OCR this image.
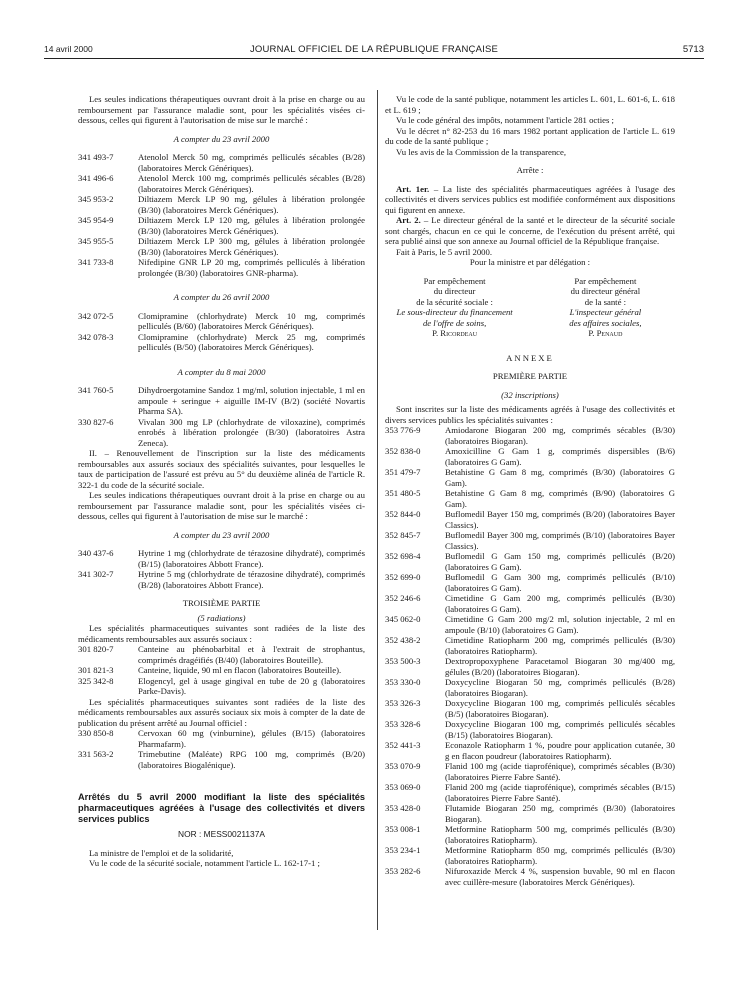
14 avril 2000	JOURNAL OFFICIEL DE LA RÉPUBLIQUE FRANÇAISE	5713

Les seules indications thérapeutiques ouvrant droit à la prise en charge ou au remboursement par l'assurance maladie sont, pour les spécialités visées ci-dessous, celles qui figurent à l'autorisation de mise sur le marché :

A compter du 23 avril 2000

341 493-7	Atenolol Merck 50 mg, comprimés pelliculés sécables (B/28) (laboratoires Merck Génériques).
341 496-6	Atenolol Merck 100 mg, comprimés pelliculés sécables (B/28) (laboratoires Merck Génériques).
345 953-2	Diltiazem Merck LP 90 mg, gélules à libération prolongée (B/30) (laboratoires Merck Génériques).
345 954-9	Diltiazem Merck LP 120 mg, gélules à libération prolongée (B/30) (laboratoires Merck Génériques).
345 955-5	Diltiazem Merck LP 300 mg, gélules à libération prolongée (B/30) (laboratoires Merck Génériques).
341 733-8	Nifedipine GNR LP 20 mg, comprimés pelliculés à libération prolongée (B/30) (laboratoires GNR-pharma).

A compter du 26 avril 2000

342 072-5	Clomipramine (chlorhydrate) Merck 10 mg, comprimés pelliculés (B/60) (laboratoires Merck Génériques).
342 078-3	Clomipramine (chlorhydrate) Merck 25 mg, comprimés pelliculés (B/50) (laboratoires Merck Génériques).

A compter du 8 mai 2000

341 760-5	Dihydroergotamine Sandoz 1 mg/ml, solution injectable, 1 ml en ampoule + seringue + aiguille IM-IV (B/2) (société Novartis Pharma SA).
330 827-6	Vivalan 300 mg LP (chlorhydrate de viloxazine), comprimés enrobés à libération prolongée (B/30) (laboratoires Astra Zeneca).

II. – Renouvellement de l'inscription sur la liste des médicaments remboursables aux assurés sociaux des spécialités suivantes, pour lesquelles le taux de participation de l'assuré est prévu au 5° du deuxième alinéa de l'article R. 322-1 du code de la sécurité sociale.

Les seules indications thérapeutiques ouvrant droit à la prise en charge ou au remboursement par l'assurance maladie sont, pour les spécialités visées ci-dessous, celles qui figurent à l'autorisation de mise sur le marché :

A compter du 23 avril 2000

340 437-6	Hytrine 1 mg (chlorhydrate de térazosine dihydraté), comprimés (B/15) (laboratoires Abbott France).
341 302-7	Hytrine 5 mg (chlorhydrate de térazosine dihydraté), comprimés (B/28) (laboratoires Abbott France).

TROISIÈME PARTIE

(5 radiations)

Les spécialités pharmaceutiques suivantes sont radiées de la liste des médicaments remboursables aux assurés sociaux :

301 820-7	Canteine au phénobarbital et à l'extrait de strophantus, comprimés dragéifiés (B/40) (laboratoires Bouteille).
301 821-3	Canteine, liquide, 90 ml en flacon (laboratoires Bouteille).
325 342-8	Elogencyl, gel à usage gingival en tube de 20 g (laboratoires Parke-Davis).

Les spécialités pharmaceutiques suivantes sont radiées de la liste des médicaments remboursables aux assurés sociaux six mois à compter de la date de publication du présent arrêté au Journal officiel :

330 850-8	Cervoxan 60 mg (vinburnine), gélules (B/15) (laboratoires Pharmafarm).
331 563-2	Trimebutine (Maléate) RPG 100 mg, comprimés (B/20) (laboratoires Biogalénique).

Arrêtés du 5 avril 2000 modifiant la liste des spécialités pharmaceutiques agréées à l'usage des collectivités et divers services publics

NOR : MESS0021137A

La ministre de l'emploi et de la solidarité,

Vu le code de la sécurité sociale, notamment l'article L. 162-17-1 ;

Vu le code de la santé publique, notamment les articles L. 601, L. 601-6, L. 618 et L. 619 ;

Vu le code général des impôts, notamment l'article 281 octies ;

Vu le décret n° 82-253 du 16 mars 1982 portant application de l'article L. 619 du code de la santé publique ;

Vu les avis de la Commission de la transparence,

Arrête :

Art. 1er. – La liste des spécialités pharmaceutiques agréées à l'usage des collectivités et divers services publics est modifiée conformément aux dispositions qui figurent en annexe.

Art. 2. – Le directeur général de la santé et le directeur de la sécurité sociale sont chargés, chacun en ce qui le concerne, de l'exécution du présent arrêté, qui sera publié ainsi que son annexe au Journal officiel de la République française.

Fait à Paris, le 5 avril 2000.

Pour la ministre et par délégation :

Par empêchement
du directeur
de la sécurité sociale :
Le sous-directeur du financement
de l'offre de soins,
P. Ricordeau
Par empêchement
du directeur général
de la santé :
L'inspecteur général
des affaires sociales,
P. Penaud

ANNEXE

PREMIÈRE PARTIE

(32 inscriptions)

Sont inscrites sur la liste des médicaments agréés à l'usage des collectivités et divers services publics les spécialités suivantes :

353 776-9	Amiodarone Biogaran 200 mg, comprimés sécables (B/30) (laboratoires Biogaran).
352 838-0	Amoxicilline G Gam 1 g, comprimés dispersibles (B/6) (laboratoires G Gam).
351 479-7	Betahistine G Gam 8 mg, comprimés (B/30) (laboratoires G Gam).
351 480-5	Betahistine G Gam 8 mg, comprimés (B/90) (laboratoires G Gam).
352 844-0	Buflomedil Bayer 150 mg, comprimés (B/20) (laboratoires Bayer Classics).
352 845-7	Buflomedil Bayer 300 mg, comprimés (B/10) (laboratoires Bayer Classics).
352 698-4	Buflomedil G Gam 150 mg, comprimés pelliculés (B/20) (laboratoires G Gam).
352 699-0	Buflomedil G Gam 300 mg, comprimés pelliculés (B/10) (laboratoires G Gam).
352 246-6	Cimetidine G Gam 200 mg, comprimés pelliculés (B/30) (laboratoires G Gam).
345 062-0	Cimetidine G Gam 200 mg/2 ml, solution injectable, 2 ml en ampoule (B/10) (laboratoires G Gam).
352 438-2	Cimetidine Ratiopharm 200 mg, comprimés pelliculés (B/30) (laboratoires Ratiopharm).
353 500-3	Dextropropoxyphene Paracetamol Biogaran 30 mg/400 mg, gélules (B/20) (laboratoires Biogaran).
353 330-0	Doxycycline Biogaran 50 mg, comprimés pelliculés (B/28) (laboratoires Biogaran).
353 326-3	Doxycycline Biogaran 100 mg, comprimés pelliculés sécables (B/5) (laboratoires Biogaran).
353 328-6	Doxycycline Biogaran 100 mg, comprimés pelliculés sécables (B/15) (laboratoires Biogaran).
352 441-3	Econazole Ratiopharm 1 %, poudre pour application cutanée, 30 g en flacon poudreur (laboratoires Ratiopharm).
353 070-9	Flanid 100 mg (acide tiaprofénique), comprimés sécables (B/30) (laboratoires Pierre Fabre Santé).
353 069-0	Flanid 200 mg (acide tiaprofénique), comprimés sécables (B/15) (laboratoires Pierre Fabre Santé).
353 428-0	Flutamide Biogaran 250 mg, comprimés (B/30) (laboratoires Biogaran).
353 008-1	Metformine Ratiopharm 500 mg, comprimés pelliculés (B/30) (laboratoires Ratiopharm).
353 234-1	Metformine Ratiopharm 850 mg, comprimés pelliculés (B/30) (laboratoires Ratiopharm).
353 282-6	Nifuroxazide Merck 4 %, suspension buvable, 90 ml en flacon avec cuillère-mesure (laboratoires Merck Génériques).
